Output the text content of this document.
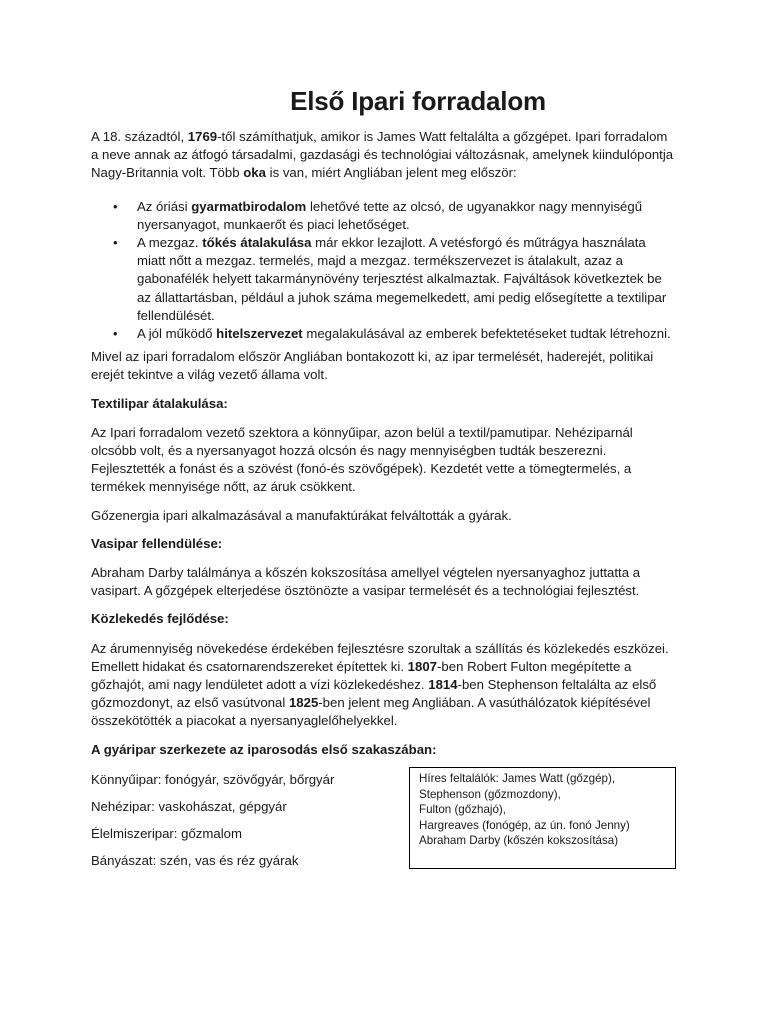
Első Ipari forradalom

A 18. századtól, 1769-től számíthatjuk, amikor is James Watt feltalálta a gőzgépet. Ipari forradalom a neve annak az átfogó társadalmi, gazdasági és technológiai változásnak, amelynek kiindulópontja Nagy-Britannia volt. Több oka is van, miért Angliában jelent meg először:

• Az óriási gyarmatbirodalom lehetővé tette az olcsó, de ugyanakkor nagy mennyiségű nyersanyagot, munkaerőt és piaci lehetőséget.

• A mezgaz. tőkés átalakulása már ekkor lezajlott. A vetésforgó és műtrágya használata miatt nőtt a mezgaz. termelés, majd a mezgaz. termékszervezet is átalakult, azaz a gabonafélék helyett takarmánynövény terjesztést alkalmaztak. Fajváltások következtek be az állattartásban, például a juhok száma megemelkedett, ami pedig elősegítette a textilipar fellendülését.

• A jól működő hitelszervezet megalakulásával az emberek befektetéseket tudtak létrehozni.

Mivel az ipari forradalom először Angliában bontakozott ki, az ipar termelését, haderejét, politikai erejét tekintve a világ vezető állama volt.

Textilipar átalakulása:

Az Ipari forradalom vezető szektora a könnyűipar, azon belül a textil/pamutipar. Nehéziparnál olcsóbb volt, és a nyersanyagot hozzá olcsón és nagy mennyiségben tudták beszerezni. Fejlesztették a fonást és a szövést (fonó-és szövőgépek). Kezdetét vette a tömegtermelés, a termékek mennyisége nőtt, az áruk csökkent.

Gőzenergia ipari alkalmazásával a manufaktúrákat felváltották a gyárak.

Vasipar fellendülése:

Abraham Darby találmánya a kőszén kokszosítása amellyel végtelen nyersanyaghoz juttatta a vasipart. A gőzgépek elterjedése ösztönözte a vasipar termelését és a technológiai fejlesztést.

Közlekedés fejlődése:

Az árumennyiség növekedése érdekében fejlesztésre szorultak a szállítás és közlekedés eszközei. Emellett hidakat és csatornarendszereket építettek ki. 1807-ben Robert Fulton megépítette a gőzhajót, ami nagy lendületet adott a vízi közlekedéshez. 1814-ben Stephenson feltalálta az első gőzmozdonyt, az első vasútvonal 1825-ben jelent meg Angliában. A vasúthálózatok kiépítésével összekötötték a piacokat a nyersanyaglelőhelyekkel.

A gyáripar szerkezete az iparosodás első szakaszában:

Könnyűipar: fonógyár, szövőgyár, bőrgyár

Nehézipar: vaskohászat, gépgyár

Élelmiszeripar: gőzmalom

Bányászat: szén, vas és réz gyárak

Híres feltalálók: James Watt (gőzgép),
Stephenson (gőzmozdony),
Fulton (gőzhajó),
Hargreaves (fonógép, az ún. fonó Jenny)
Abraham Darby (kőszén kokszosítása)
